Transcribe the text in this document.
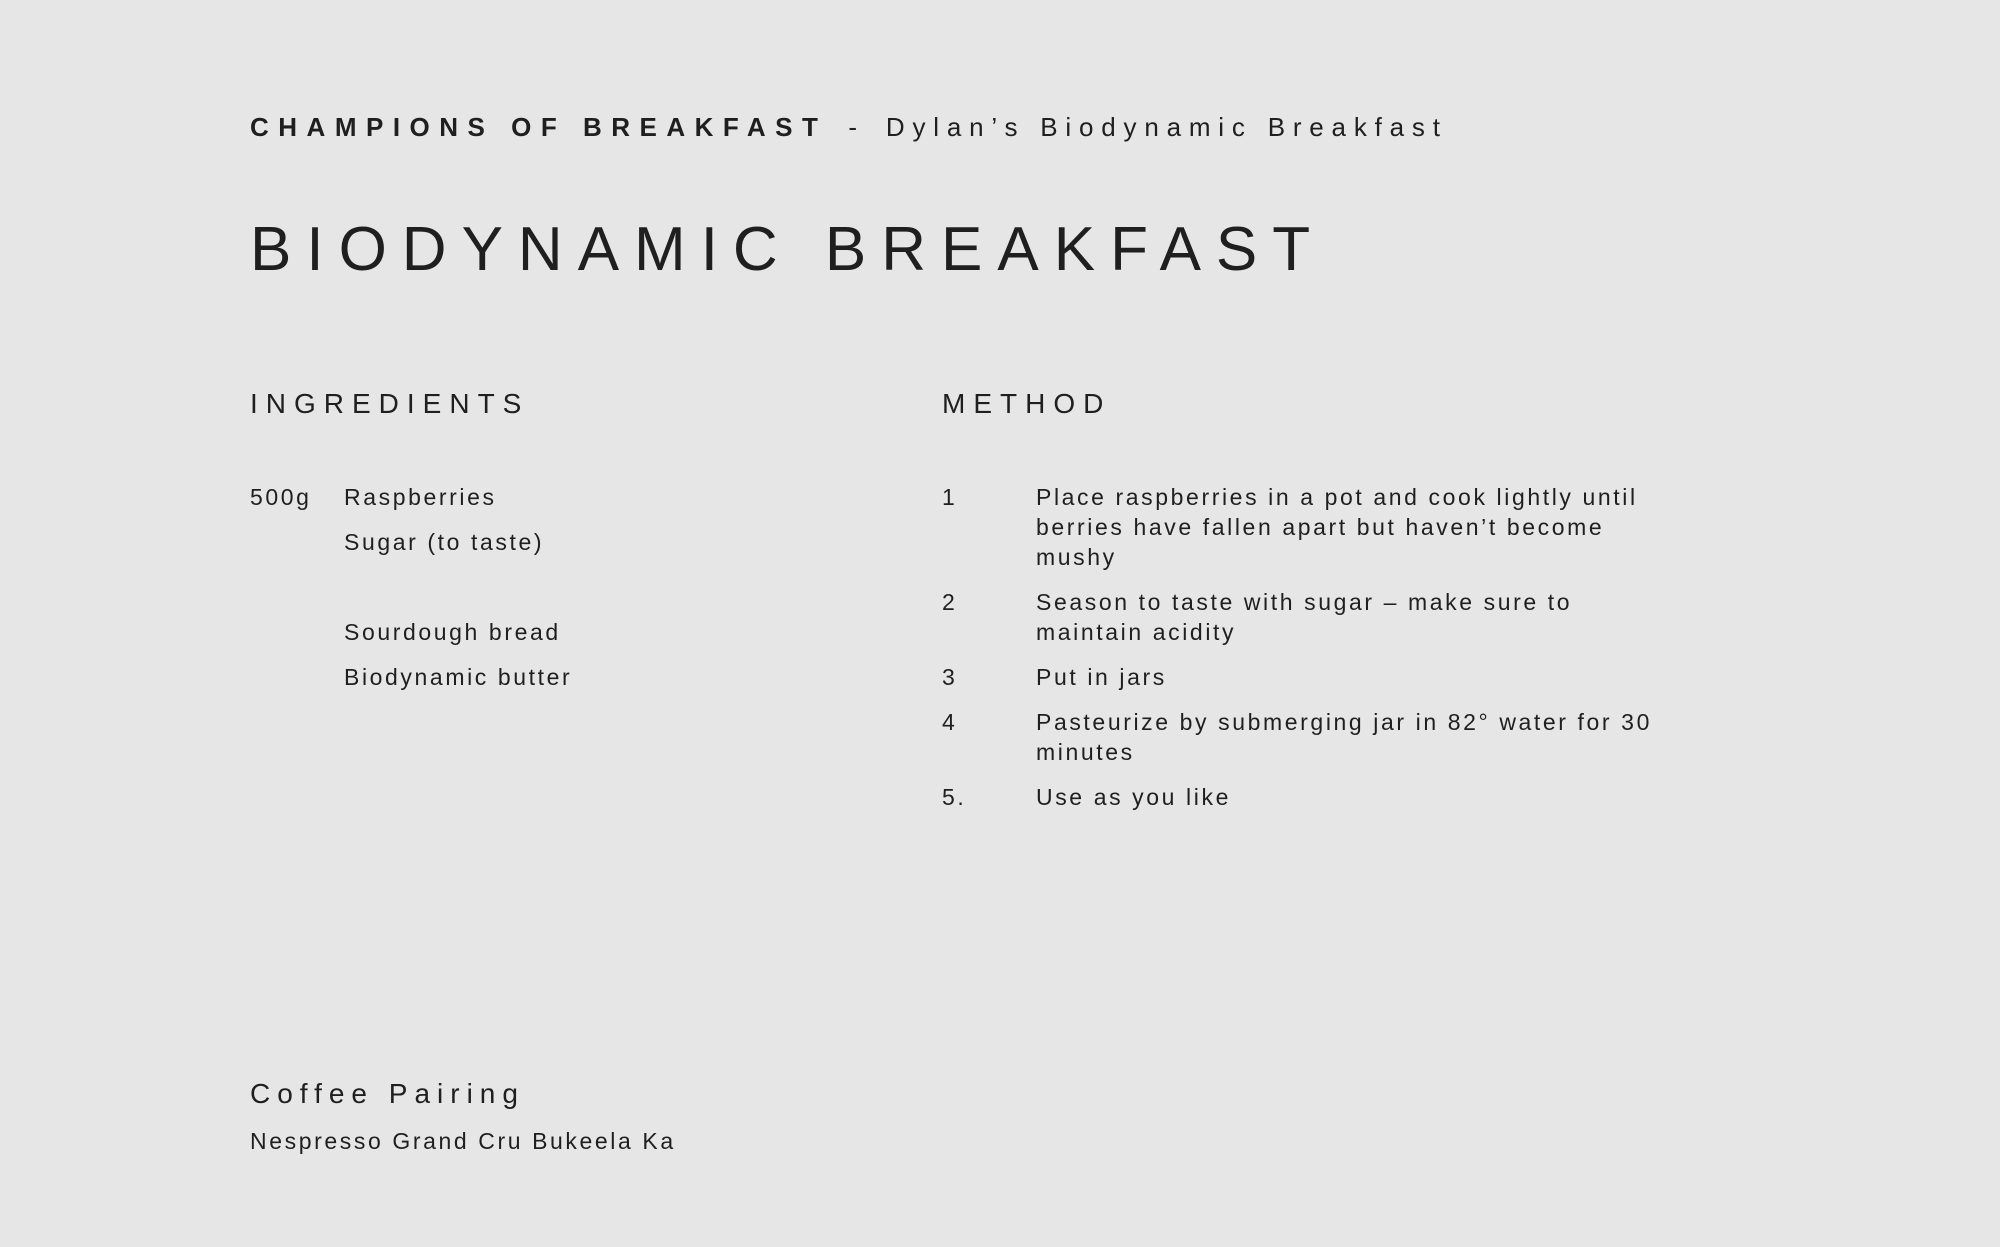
CHAMPIONS OF BREAKFAST - Dylan’s Biodynamic Breakfast
BIODYNAMIC BREAKFAST
INGREDIENTS	METHOD
500g	Raspberries
Sugar (to taste)
Sourdough bread
Biodynamic butter
1	Place raspberries in a pot and cook lightly until berries have fallen apart but haven’t become mushy
2	Season to taste with sugar – make sure to maintain acidity
3	Put in jars
4	Pasteurize by submerging jar in 82° water for 30 minutes
5.	Use as you like
Coffee Pairing
Nespresso Grand Cru Bukeela Ka
